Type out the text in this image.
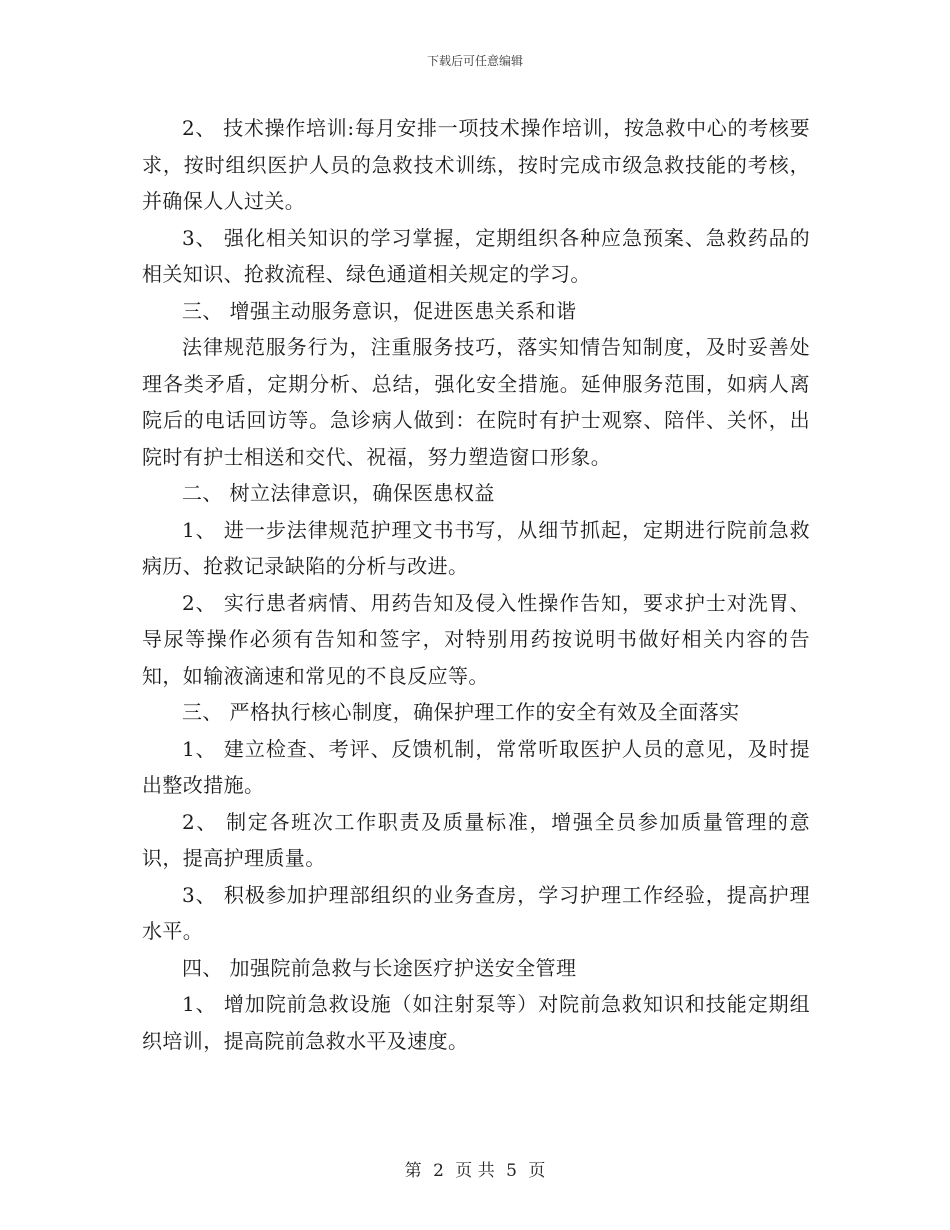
下载后可任意编辑

2、 技术操作培训:每月安排一项技术操作培训，按急救中心的考核要求，按时组织医护人员的急救技术训练，按时完成市级急救技能的考核，并确保人人过关。

3、 强化相关知识的学习掌握，定期组织各种应急预案、急救药品的相关知识、抢救流程、绿色通道相关规定的学习。

三、 增强主动服务意识，促进医患关系和谐

法律规范服务行为，注重服务技巧，落实知情告知制度，及时妥善处理各类矛盾，定期分析、总结，强化安全措施。延伸服务范围，如病人离院后的电话回访等。急诊病人做到：在院时有护士观察、陪伴、关怀，出院时有护士相送和交代、祝福，努力塑造窗口形象。

二、 树立法律意识，确保医患权益

1、 进一步法律规范护理文书书写，从细节抓起，定期进行院前急救病历、抢救记录缺陷的分析与改进。

2、 实行患者病情、用药告知及侵入性操作告知，要求护士对洗胃、导尿等操作必须有告知和签字，对特别用药按说明书做好相关内容的告知，如输液滴速和常见的不良反应等。

三、 严格执行核心制度，确保护理工作的安全有效及全面落实

1、 建立检查、考评、反馈机制，常常听取医护人员的意见，及时提出整改措施。

2、 制定各班次工作职责及质量标准，增强全员参加质量管理的意识，提高护理质量。

3、 积极参加护理部组织的业务查房，学习护理工作经验，提高护理水平。

四、 加强院前急救与长途医疗护送安全管理

1、 增加院前急救设施（如注射泵等）对院前急救知识和技能定期组织培训，提高院前急救水平及速度。

第 2 页 共 5 页
